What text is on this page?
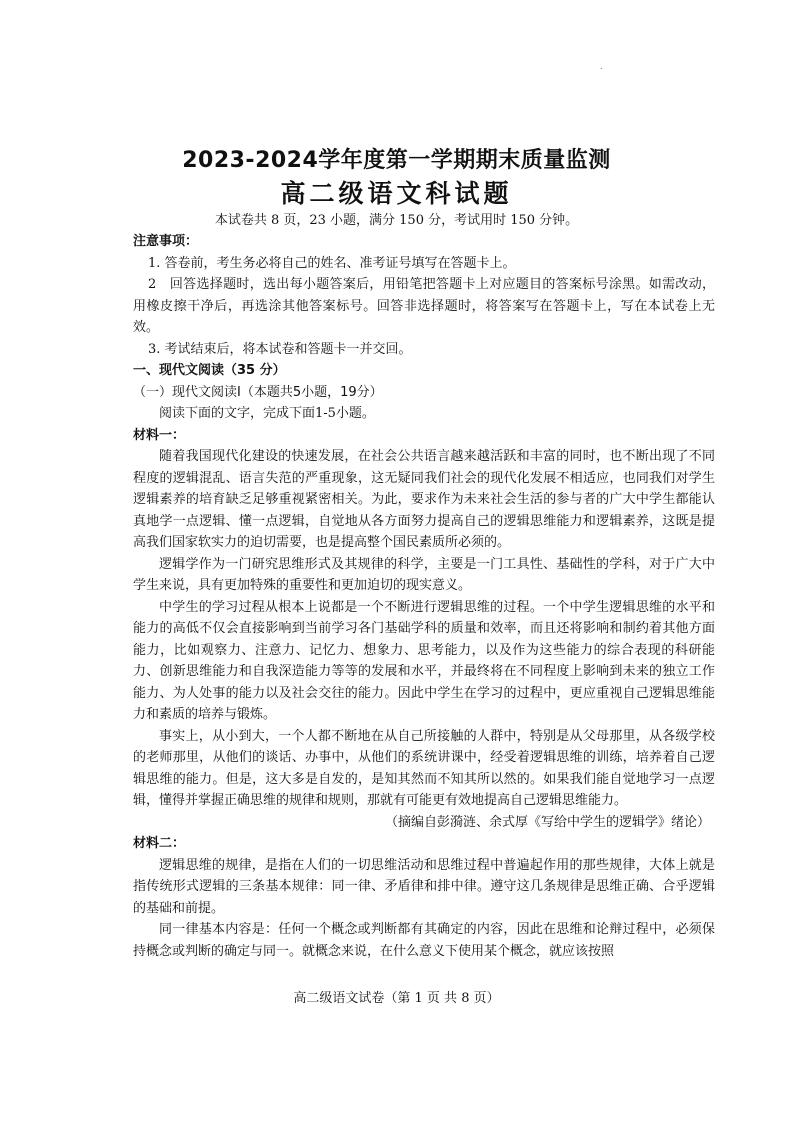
.
2023-2024学年度第一学期期末质量监测
高二级语文科试题
本试卷共 8 页，23 小题，满分 150 分，考试用时 150 分钟。

注意事项：

1. 答卷前，考生务必将自己的姓名、准考证号填写在答题卡上。

2　回答选择题时，选出每小题答案后，用铅笔把答题卡上对应题目的答案标号涂黑。如需改动，用橡皮擦干净后，再选涂其他答案标号。回答非选择题时，将答案写在答题卡上，写在本试卷上无效。

3. 考试结束后，将本试卷和答题卡一并交回。

一、现代文阅读（35 分）

（一）现代文阅读Ⅰ（本题共5小题，19分）

阅读下面的文字，完成下面1-5小题。

材料一：

随着我国现代化建设的快速发展，在社会公共语言越来越活跃和丰富的同时，也不断出现了不同程度的逻辑混乱、语言失范的严重现象，这无疑同我们社会的现代化发展不相适应，也同我们对学生逻辑素养的培育缺乏足够重视紧密相关。为此，要求作为未来社会生活的参与者的广大中学生都能认真地学一点逻辑、懂一点逻辑，自觉地从各方面努力提高自己的逻辑思维能力和逻辑素养，这既是提高我们国家软实力的迫切需要，也是提高整个国民素质所必须的。

逻辑学作为一门研究思维形式及其规律的科学，主要是一门工具性、基础性的学科，对于广大中学生来说，具有更加特殊的重要性和更加迫切的现实意义。

中学生的学习过程从根本上说都是一个不断进行逻辑思维的过程。一个中学生逻辑思维的水平和能力的高低不仅会直接影响到当前学习各门基础学科的质量和效率，而且还将影响和制约着其他方面能力，比如观察力、注意力、记忆力、想象力、思考能力，以及作为这些能力的综合表现的科研能力、创新思维能力和自我深造能力等等的发展和水平，并最终将在不同程度上影响到未来的独立工作能力、为人处事的能力以及社会交往的能力。因此中学生在学习的过程中，更应重视自己逻辑思维能力和素质的培养与锻炼。

事实上，从小到大，一个人都不断地在从自己所接触的人群中，特别是从父母那里，从各级学校的老师那里，从他们的谈话、办事中，从他们的系统讲课中，经受着逻辑思维的训练，培养着自己逻辑思维的能力。但是，这大多是自发的，是知其然而不知其所以然的。如果我们能自觉地学习一点逻辑，懂得并掌握正确思维的规律和规则，那就有可能更有效地提高自己逻辑思维能力。

（摘编自彭漪涟、余式厚《写给中学生的逻辑学》绪论）

材料二：

逻辑思维的规律，是指在人们的一切思维活动和思维过程中普遍起作用的那些规律，大体上就是指传统形式逻辑的三条基本规律：同一律、矛盾律和排中律。遵守这几条规律是思维正确、合乎逻辑的基础和前提。

同一律基本内容是：任何一个概念或判断都有其确定的内容，因此在思维和论辩过程中，必须保持概念或判断的确定与同一。就概念来说，在什么意义下使用某个概念，就应该按照

高二级语文试卷（第 1 页 共 8 页）
